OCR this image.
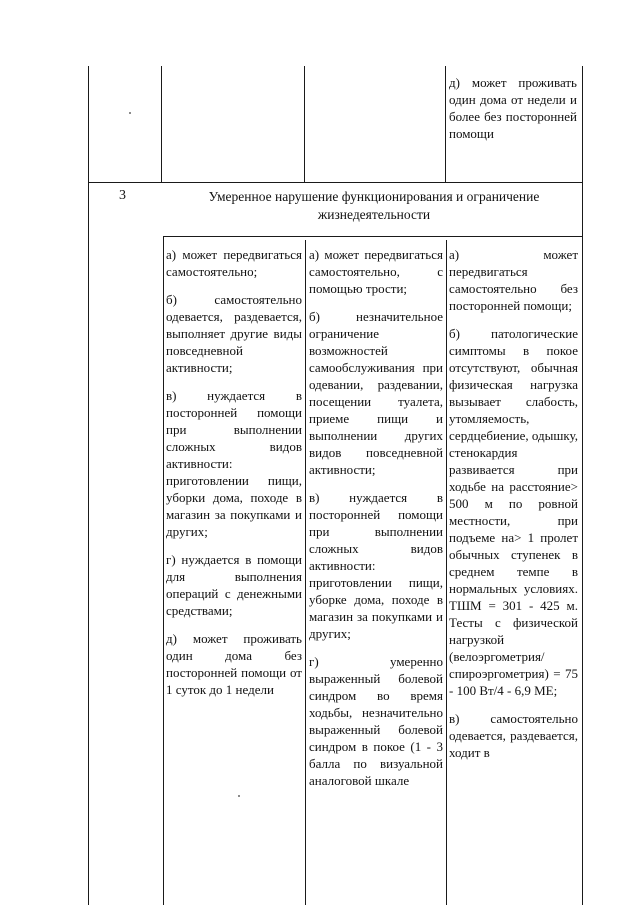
д) может проживать один дома от недели и более без посторонней помощи

3	Умеренное нарушение функционирования и ограничение жизнедеятельности

а) может передвигаться самостоятельно;

б) самостоятельно одевается, раздевается, выполняет другие виды повседневной активности;

в) нуждается в посторонней помощи при выполнении сложных видов активности: приготовлении пищи, уборки дома, походе в магазин за покупками и других;

г) нуждается в помощи для выполнения операций с денежными средствами;

д) может проживать один дома без посторонней помощи от 1 суток до 1 недели

а) может передвигаться самостоятельно, с помощью трости;

б) незначительное ограничение возможностей самообслуживания при одевании, раздевании, посещении туалета, приеме пищи и выполнении других видов повседневной активности;

в) нуждается в посторонней помощи при выполнении сложных видов активности: приготовлении пищи, уборке дома, походе в магазин за покупками и других;

г) умеренно выраженный болевой синдром во время ходьбы, незначительно выраженный болевой синдром в покое (1 - 3 балла по визуальной аналоговой шкале

а) может передвигаться самостоятельно без посторонней помощи;

б) патологические симптомы в покое отсутствуют, обычная физическая нагрузка вызывает слабость, утомляемость, сердцебиение, одышку, стенокардия развивается при ходьбе на расстояние> 500 м по ровной местности, при подъеме на> 1 пролет обычных ступенек в среднем темпе в нормальных условиях. ТШМ = 301 - 425 м. Тесты с физической нагрузкой (велоэргометрия/спироэргометрия) = 75 - 100 Вт/4 - 6,9 МЕ;

в) самостоятельно одевается, раздевается, ходит в
